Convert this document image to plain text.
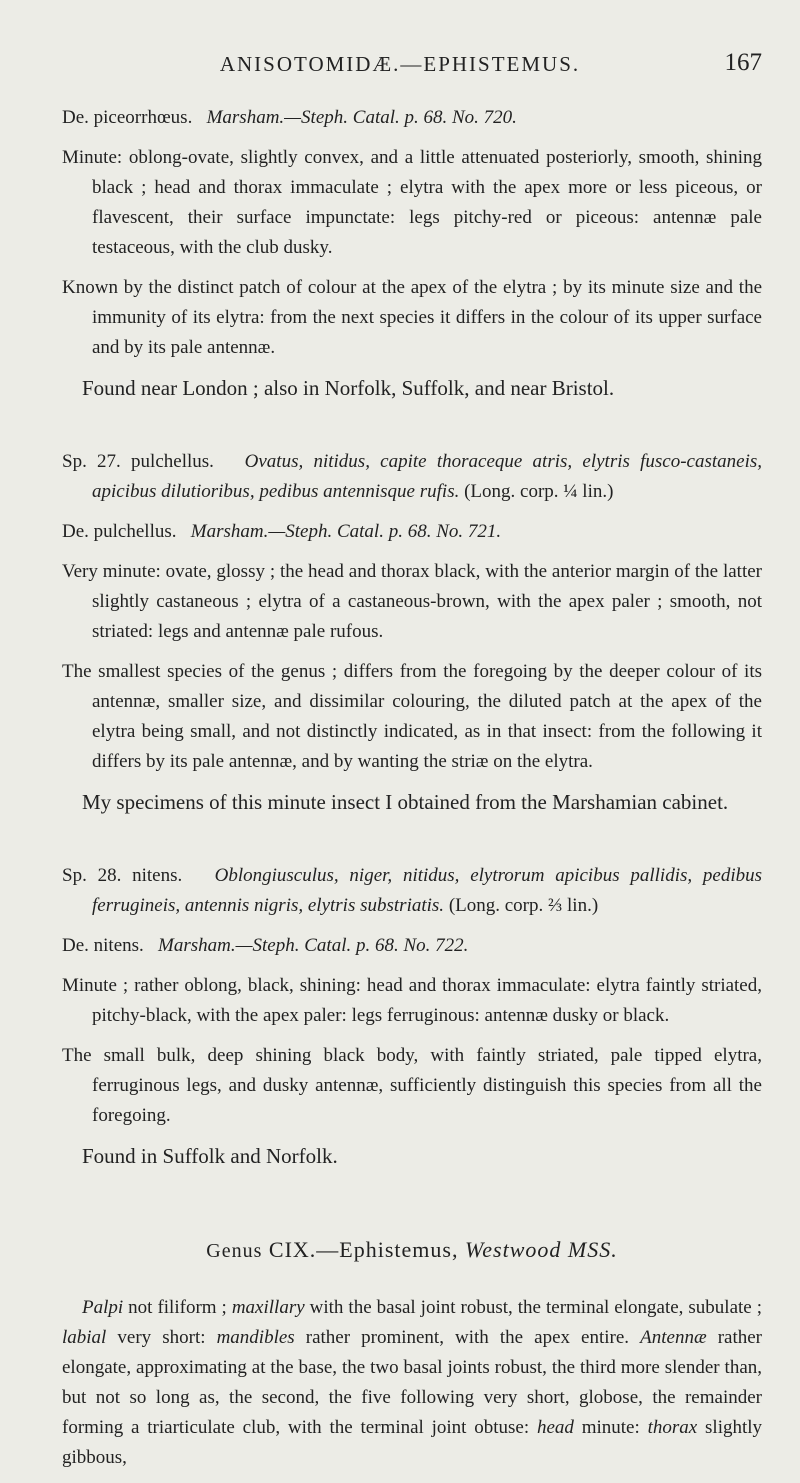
ANISOTOMIDÆ.—EPHISTEMUS.	167

De. piceorrhœus. Marsham.—Steph. Catal. p. 68. No. 720.

Minute: oblong-ovate, slightly convex, and a little attenuated posteriorly, smooth, shining black ; head and thorax immaculate ; elytra with the apex more or less piceous, or flavescent, their surface impunctate: legs pitchy-red or piceous: antennæ pale testaceous, with the club dusky.

Known by the distinct patch of colour at the apex of the elytra ; by its minute size and the immunity of its elytra: from the next species it differs in the colour of its upper surface and by its pale antennæ.

Found near London ; also in Norfolk, Suffolk, and near Bristol.

Sp. 27. pulchellus. Ovatus, nitidus, capite thoraceque atris, elytris fusco-castaneis, apicibus dilutioribus, pedibus antennisque rufis. (Long. corp. ¼ lin.)

De. pulchellus. Marsham.—Steph. Catal. p. 68. No. 721.

Very minute: ovate, glossy ; the head and thorax black, with the anterior margin of the latter slightly castaneous ; elytra of a castaneous-brown, with the apex paler ; smooth, not striated: legs and antennæ pale rufous.

The smallest species of the genus ; differs from the foregoing by the deeper colour of its antennæ, smaller size, and dissimilar colouring, the diluted patch at the apex of the elytra being small, and not distinctly indicated, as in that insect: from the following it differs by its pale antennæ, and by wanting the striæ on the elytra.

My specimens of this minute insect I obtained from the Marshamian cabinet.

Sp. 28. nitens. Oblongiusculus, niger, nitidus, elytrorum apicibus pallidis, pedibus ferrugineis, antennis nigris, elytris substriatis. (Long. corp. ⅔ lin.)

De. nitens. Marsham.—Steph. Catal. p. 68. No. 722.

Minute ; rather oblong, black, shining: head and thorax immaculate: elytra faintly striated, pitchy-black, with the apex paler: legs ferruginous: antennæ dusky or black.

The small bulk, deep shining black body, with faintly striated, pale tipped elytra, ferruginous legs, and dusky antennæ, sufficiently distinguish this species from all the foregoing.

Found in Suffolk and Norfolk.

Genus CIX.—Ephistemus, Westwood MSS.

Palpi not filiform ; maxillary with the basal joint robust, the terminal elongate, subulate ; labial very short: mandibles rather prominent, with the apex entire. Antennæ rather elongate, approximating at the base, the two basal joints robust, the third more slender than, but not so long as, the second, the five following very short, globose, the remainder forming a triarticulate club, with the terminal joint obtuse: head minute: thorax slightly gibbous,
